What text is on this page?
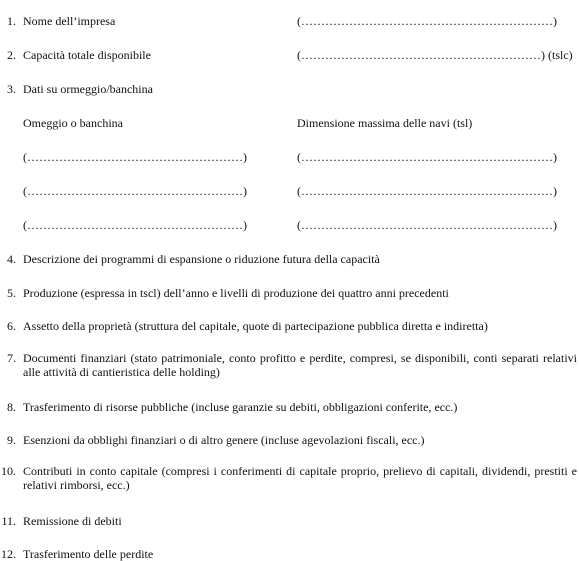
1. Nome dell’impresa	(………………………………………………………)
2. Capacità totale disponibile	(……………………………………………………) (tslc)
3. Dati su ormeggio/banchina
Omeggio o banchina	Dimensione massima delle navi (tsl)
(………………………………………………)	(………………………………………………………)
(………………………………………………)	(………………………………………………………)
(………………………………………………)	(………………………………………………………)
4. Descrizione dei programmi di espansione o riduzione futura della capacità
5. Produzione (espressa in tscl) dell’anno e livelli di produzione dei quattro anni precedenti
6. Assetto della proprietà (struttura del capitale, quote di partecipazione pubblica diretta e indiretta)
7. Documenti finanziari (stato patrimoniale, conto profitto e perdite, compresi, se disponibili, conti separati relativi alle attività di cantieristica delle holding)
8. Trasferimento di risorse pubbliche (incluse garanzie su debiti, obbligazioni conferite, ecc.)
9. Esenzioni da obblighi finanziari o di altro genere (incluse agevolazioni fiscali, ecc.)
10. Contributi in conto capitale (compresi i conferimenti di capitale proprio, prelievo di capitali, dividendi, prestiti e relativi rimborsi, ecc.)
11. Remissione di debiti
12. Trasferimento delle perdite
